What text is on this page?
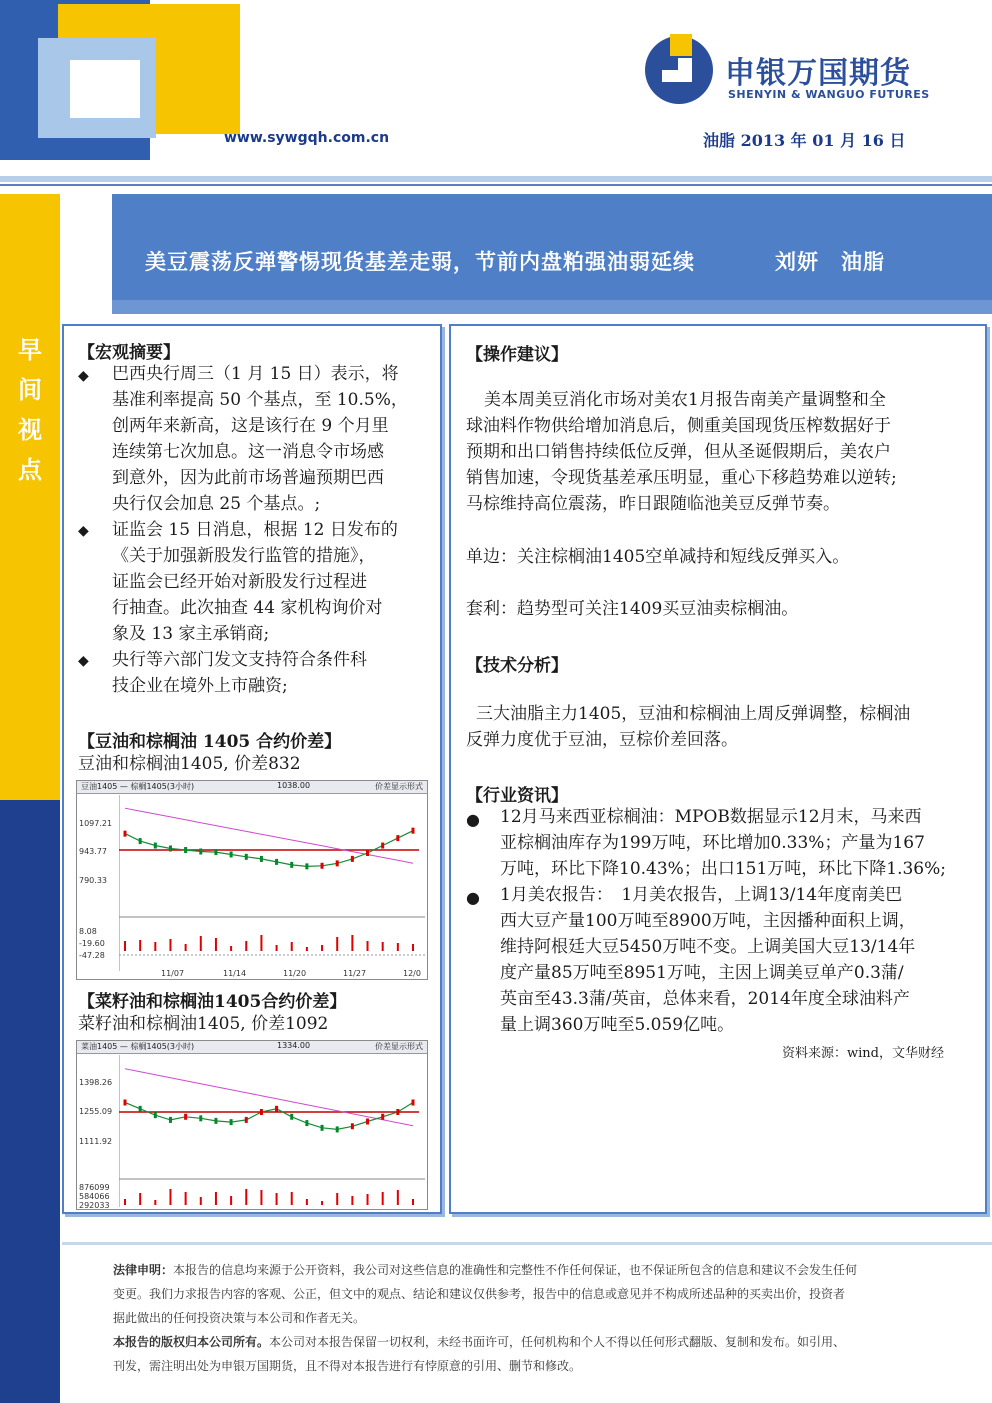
申银万国期货
SHENYIN & WANGUO FUTURES
www.sywgqh.com.cn	油脂 2013 年 01 月 16 日
早
间
视
点
美豆震荡反弹警惕现货基差走弱，节前内盘粕强油弱延续	刘妍　油脂
【宏观摘要】
◆ 巴西央行周三（1 月 15 日）表示，将
基准利率提高 50 个基点，至 10.5%，
创两年来新高，这是该行在 9 个月里
连续第七次加息。这一消息令市场感
到意外，因为此前市场普遍预期巴西
央行仅会加息 25 个基点。;
◆ 证监会 15 日消息，根据 12 日发布的
《关于加强新股发行监管的措施》，
证监会已经开始对新股发行过程进
行抽查。此次抽查 44 家机构询价对
象及 13 家主承销商;
◆ 央行等六部门发文支持符合条件科
技企业在境外上市融资;
【豆油和棕榈油 1405 合约价差】
豆油和棕榈油1405, 价差832
豆油1405 — 棕榈1405(3小时)	1038.00	价差显示形式
1097.21
943.77
790.33
8.08
-19.60
-47.28
11/07	11/14	11/20	11/27	12/0
【菜籽油和棕榈油1405合约价差】
菜籽油和棕榈油1405, 价差1092
菜油1405 — 棕榈1405(3小时)	1334.00	价差显示形式
1398.26
1255.09
1111.92
876099
584066
292033
【操作建议】
美本周美豆消化市场对美农1月报告南美产量调整和全
球油料作物供给增加消息后，侧重美国现货压榨数据好于
预期和出口销售持续低位反弹，但从圣诞假期后，美农户
销售加速，令现货基差承压明显，重心下移趋势难以逆转;
马棕维持高位震荡，昨日跟随临池美豆反弹节奏。
单边：关注棕榈油1405空单减持和短线反弹买入。
套利：趋势型可关注1409买豆油卖棕榈油。
【技术分析】
三大油脂主力1405，豆油和棕榈油上周反弹调整，棕榈油
反弹力度优于豆油，豆棕价差回落。
【行业资讯】
● 12月马来西亚棕榈油：MPOB数据显示12月末，马来西
亚棕榈油库存为199万吨，环比增加0.33%；产量为167
万吨，环比下降10.43%；出口151万吨，环比下降1.36%;
● 1月美农报告：　1月美农报告，上调13/14年度南美巴
西大豆产量100万吨至8900万吨，主因播种面积上调，
维持阿根廷大豆5450万吨不变。上调美国大豆13/14年
度产量85万吨至8951万吨，主因上调美豆单产0.3蒲/
英亩至43.3蒲/英亩，总体来看，2014年度全球油料产
量上调360万吨至5.059亿吨。
资料来源：wind，文华财经
法律申明：本报告的信息均来源于公开资料，我公司对这些信息的准确性和完整性不作任何保证，也不保证所包含的信息和建议不会发生任何
变更。我们力求报告内容的客观、公正，但文中的观点、结论和建议仅供参考，报告中的信息或意见并不构成所述品种的买卖出价，投资者
据此做出的任何投资决策与本公司和作者无关。
本报告的版权归本公司所有。本公司对本报告保留一切权利，未经书面许可，任何机构和个人不得以任何形式翻版、复制和发布。如引用、
刊发，需注明出处为申银万国期货，且不得对本报告进行有悖原意的引用、删节和修改。
